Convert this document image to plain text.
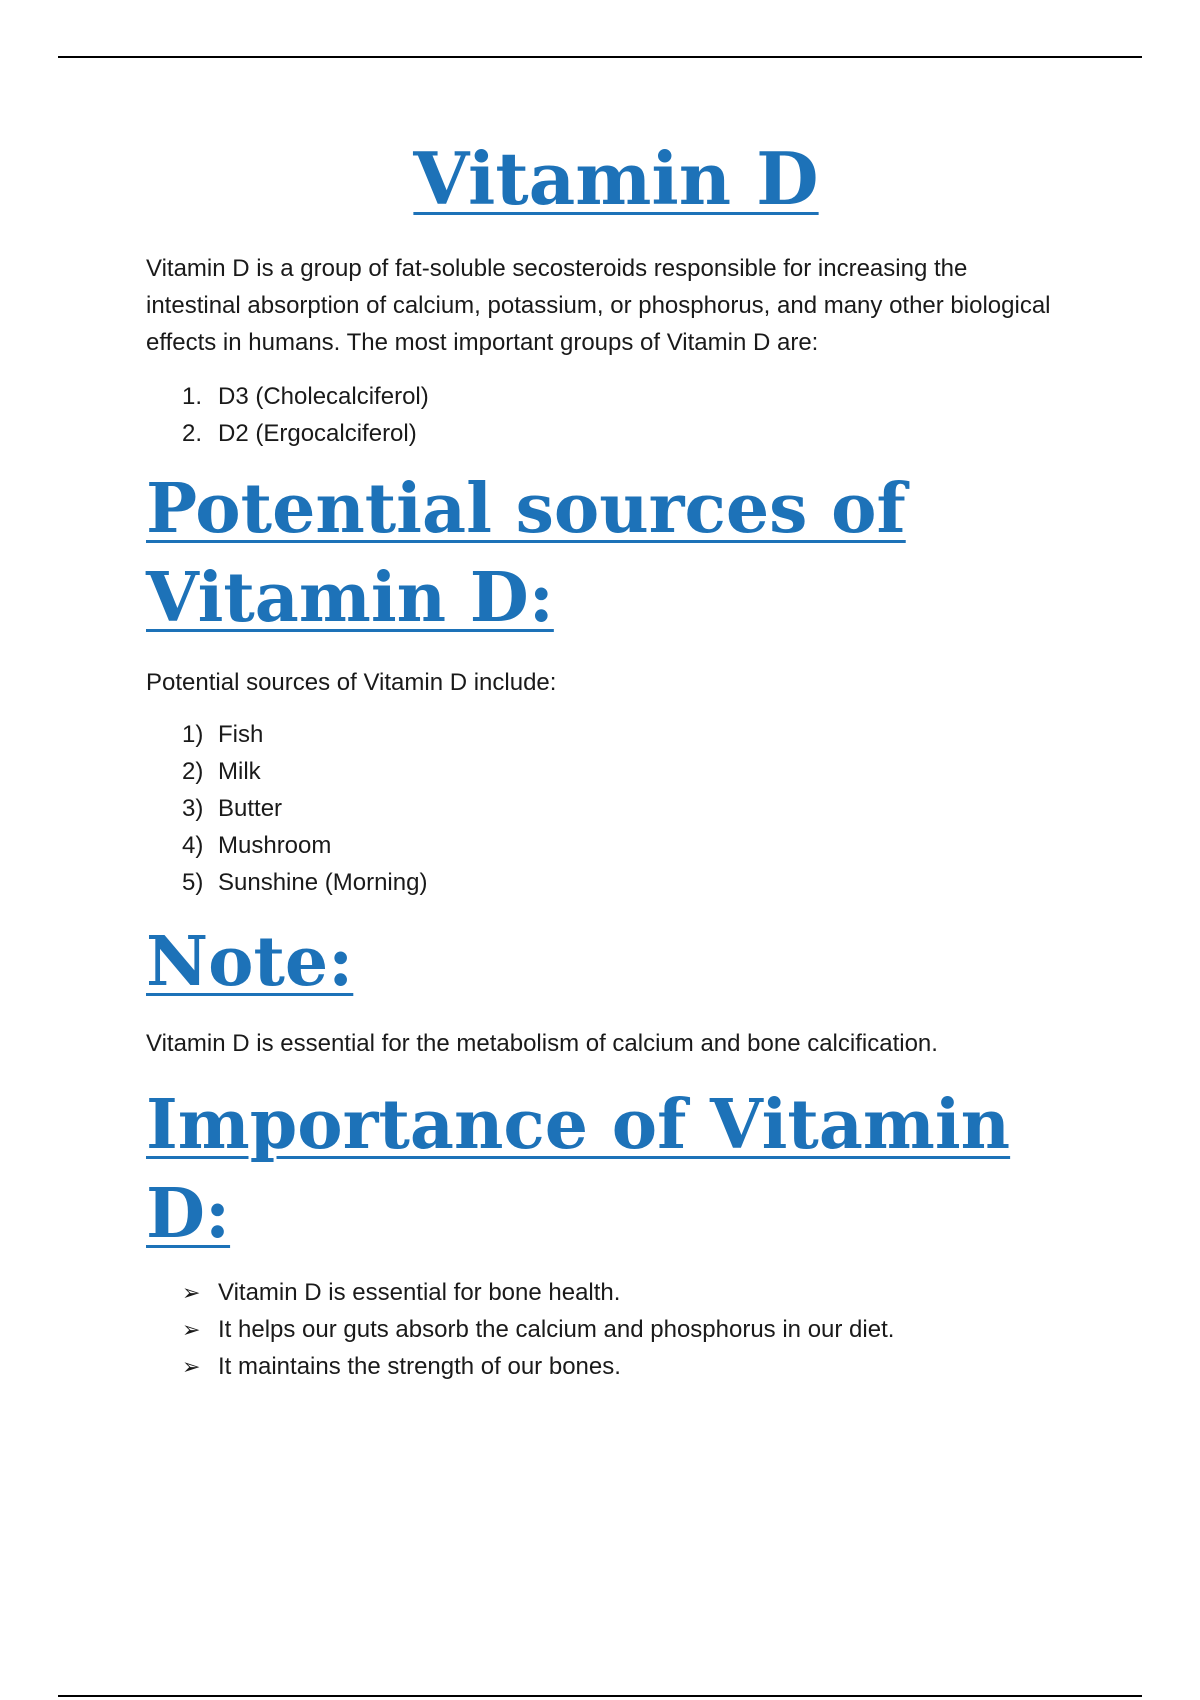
Vitamin D

Vitamin D is a group of fat-soluble secosteroids responsible for increasing the intestinal absorption of calcium, potassium, or phosphorus, and many other biological effects in humans. The most important groups of Vitamin D are:

1. D3 (Cholecalciferol)
2. D2 (Ergocalciferol)
Potential sources of Vitamin D:

Potential sources of Vitamin D include:

1) Fish
2) Milk
3) Butter
4) Mushroom
5) Sunshine (Morning)
Note:

Vitamin D is essential for the metabolism of calcium and bone calcification.

Importance of Vitamin D:
➢ Vitamin D is essential for bone health.
➢ It helps our guts absorb the calcium and phosphorus in our diet.
➢ It maintains the strength of our bones.
